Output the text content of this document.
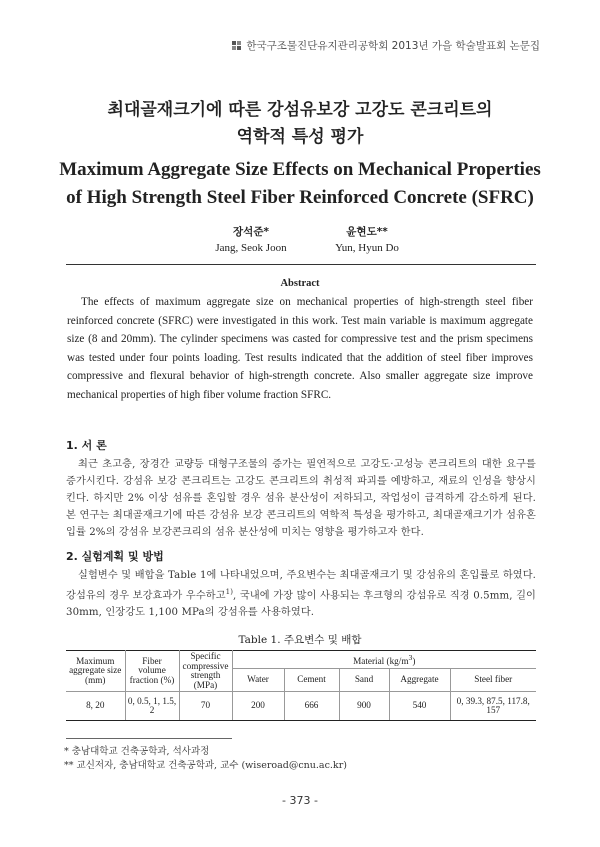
한국구조물진단유지관리공학회 2013년 가을 학술발표회 논문집
최대골재크기에 따른 강섬유보강 고강도 콘크리트의
역학적 특성 평가
Maximum Aggregate Size Effects on Mechanical Properties
of High Strength Steel Fiber Reinforced Concrete (SFRC)
장석준*
Jang, Seok Joon
윤현도**
Yun, Hyun Do
Abstract

The effects of maximum aggregate size on mechanical properties of high-strength steel fiber reinforced concrete (SFRC) were investigated in this work. Test main variable is maximum aggregate size (8 and 20mm). The cylinder specimens was casted for compressive test and the prism specimens was tested under four points loading. Test results indicated that the addition of steel fiber improves compressive and flexural behavior of high-strength concrete. Also smaller aggregate size improve mechanical properties of high fiber volume fraction SFRC.

1. 서 론

최근 초고층, 장경간 교량등 대형구조물의 증가는 필연적으로 고강도·고성능 콘크리트의 대한 요구를 증가시킨다. 강섬유 보강 콘크리트는 고강도 콘크리트의 취성적 파괴를 예방하고, 재료의 인성을 향상시킨다. 하지만 2% 이상 섬유를 혼입할 경우 섬유 분산성이 저하되고, 작업성이 급격하게 감소하게 된다. 본 연구는 최대골재크기에 따른 강섬유 보강 콘크리트의 역학적 특성을 평가하고, 최대골재크기가 섬유혼입률 2%의 강섬유 보강콘크리의 섬유 분산성에 미치는 영향을 평가하고자 한다.

2. 실험계획 및 방법

실험변수 및 배합을 Table 1에 나타내었으며, 주요변수는 최대골재크기 및 강섬유의 혼입률로 하였다. 강섬유의 경우 보강효과가 우수하고$^{1)}$, 국내에 가장 많이 사용되는 후크형의 강섬유로 직경 0.5mm, 길이 30mm, 인장강도 1,100 MPa의 강섬유를 사용하였다.

Table 1. 주요변수 및 배합
Maximum aggregate size (mm)	Fiber volume fraction (%)	Specific compressive strength (MPa)	Material $(kg/m^3)$				
			Water	Cement	Sand	Aggregate	Steel fiber
8, 20	0, 0.5, 1, 1.5, 2	70	200	666	900	540	0, 39.3, 87.5, 117.8, 157
* 충남대학교 건축공학과, 석사과정
** 교신저자, 충남대학교 건축공학과, 교수 (wiseroad@cnu.ac.kr)
- 373 -
